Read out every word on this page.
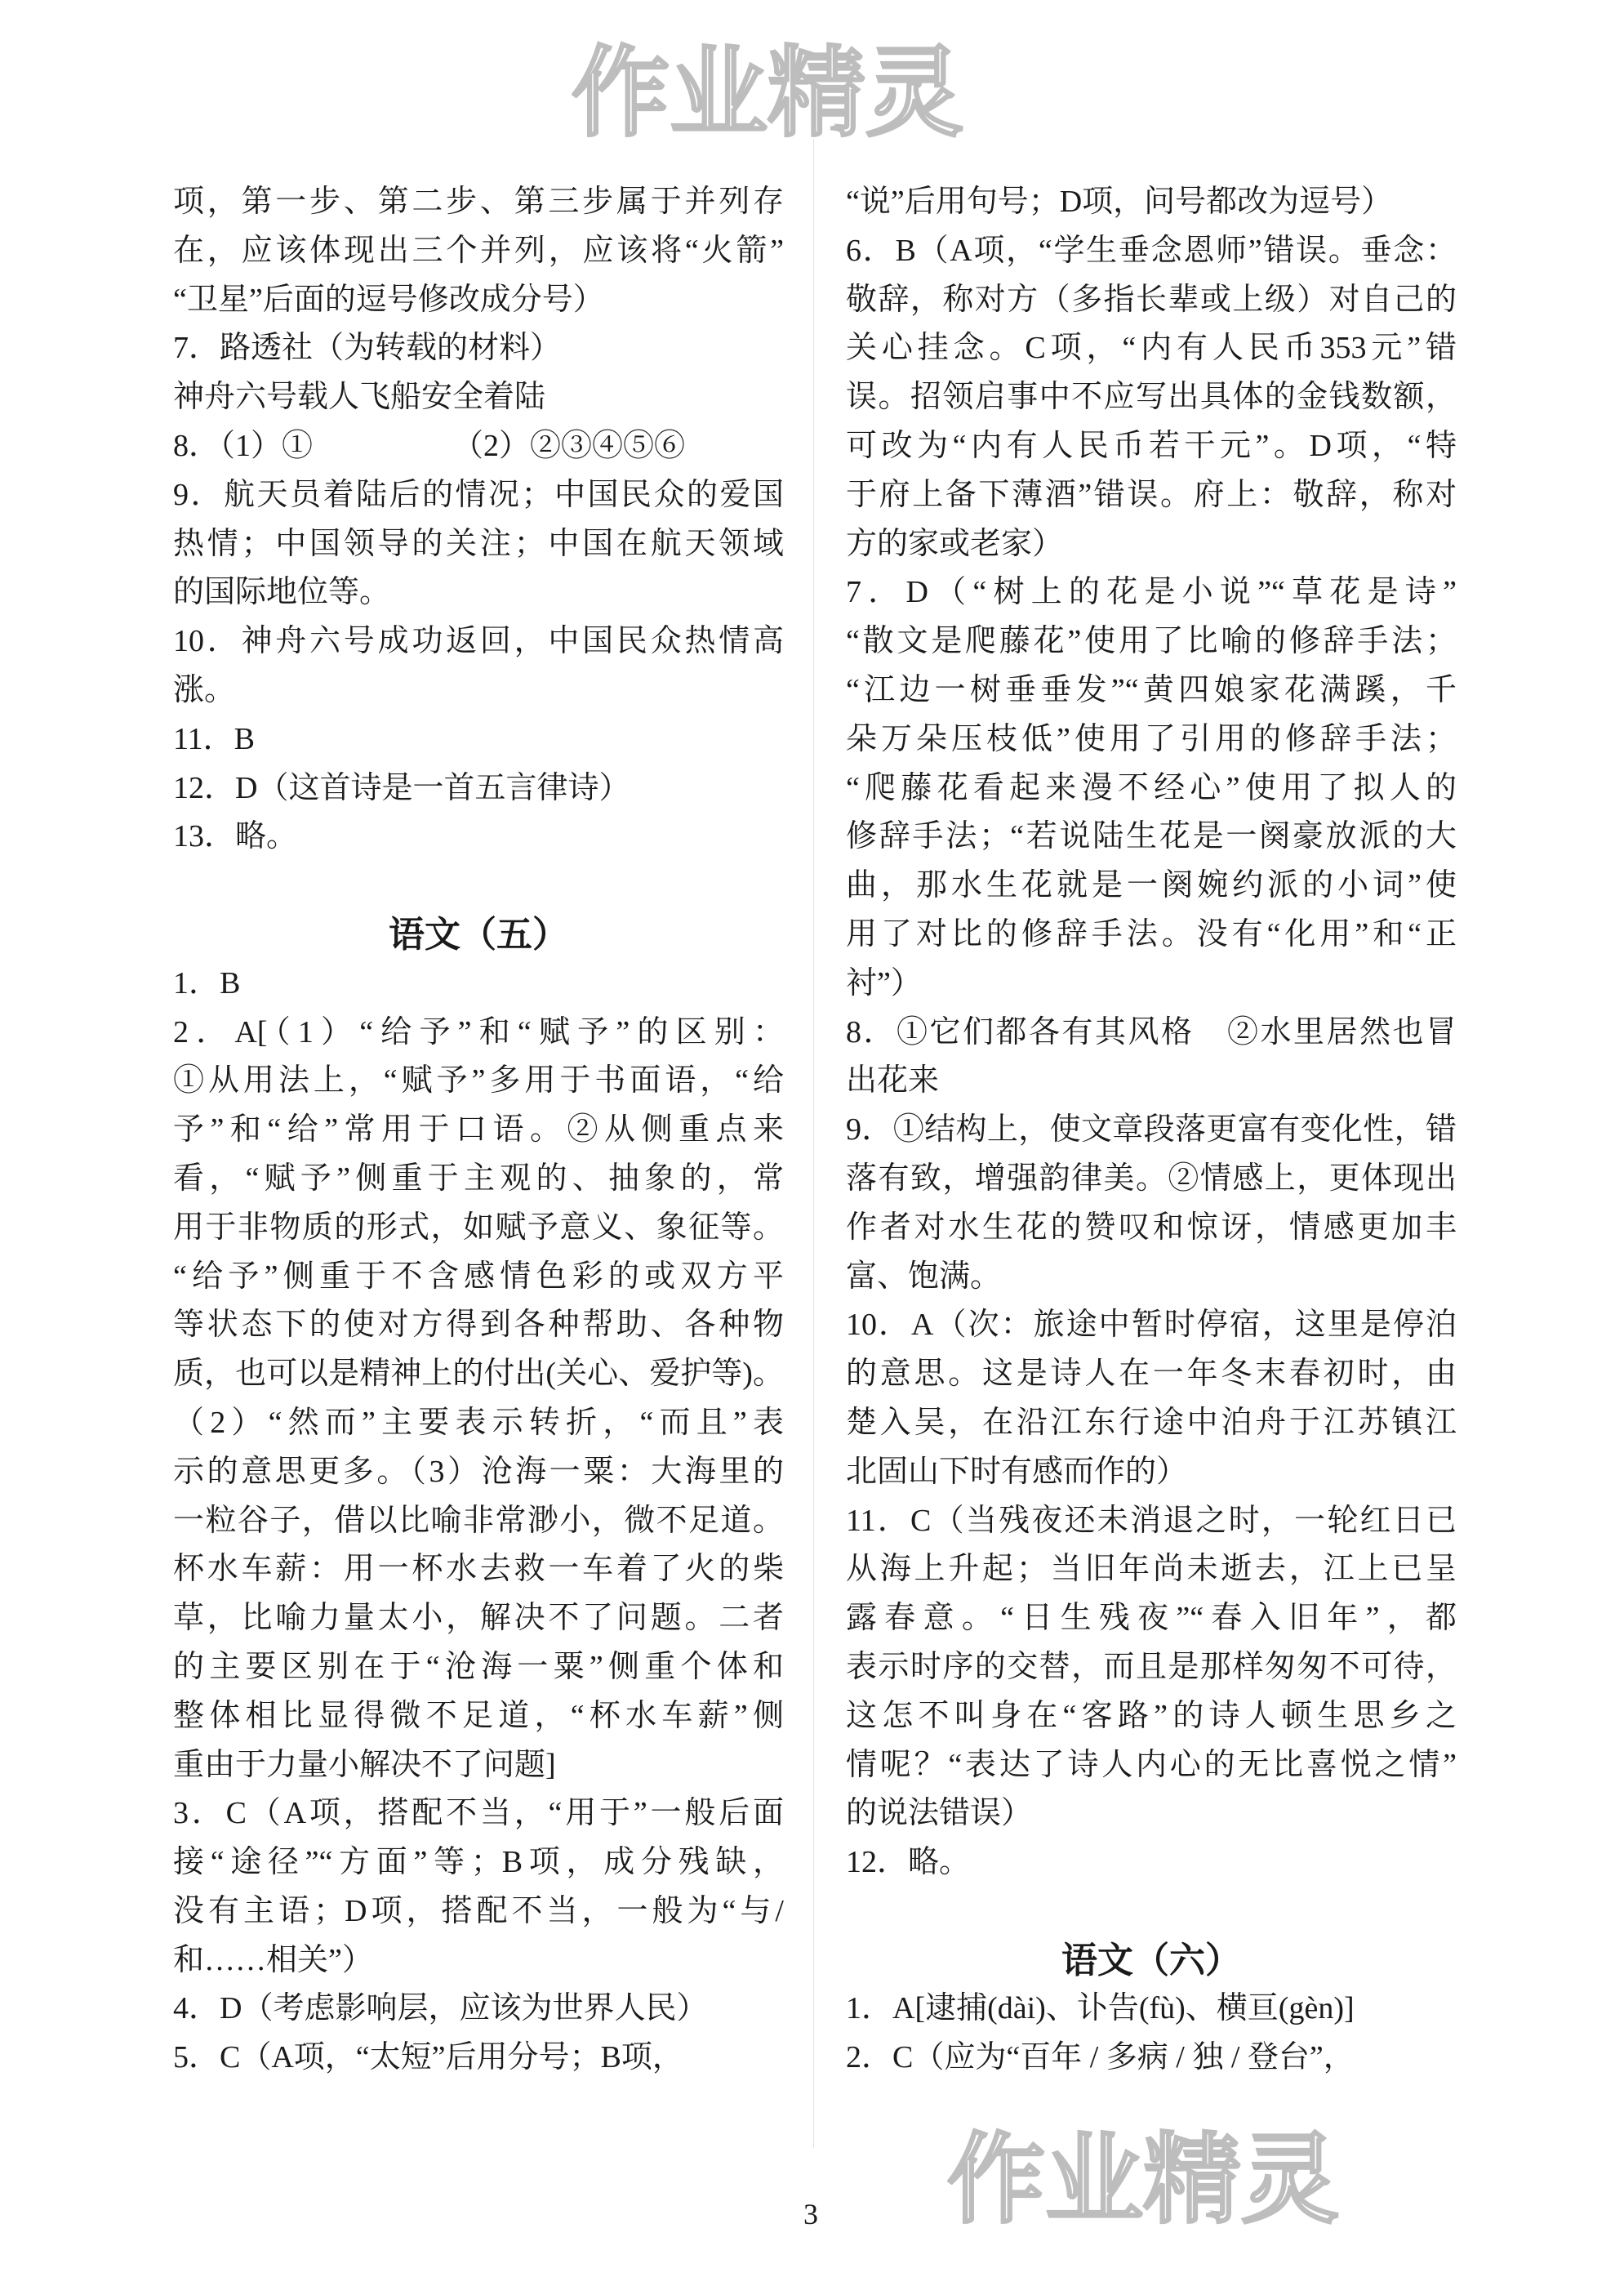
项，第一步、第二步、第三步属于并列存
在，应该体现出三个并列，应该将“火箭”
“卫星”后面的逗号修改成分号）
7．路透社（为转载的材料）
神舟六号载人飞船安全着陆
8．（1）①　　　　　（2）②③④⑤⑥
9．航天员着陆后的情况；中国民众的爱国
热情；中国领导的关注；中国在航天领域
的国际地位等。
10．神舟六号成功返回，中国民众热情高
涨。
11．B
12．D（这首诗是一首五言律诗）
13．略。
语文（五）
1．B
2．A[（1）“给予”和“赋予”的区别：
①从用法上，“赋予”多用于书面语，“给
予”和“给”常用于口语。②从侧重点来
看，“赋予”侧重于主观的、抽象的，常
用于非物质的形式，如赋予意义、象征等。
“给予”侧重于不含感情色彩的或双方平
等状态下的使对方得到各种帮助、各种物
质，也可以是精神上的付出(关心、爱护等)。
（2）“然而”主要表示转折，“而且”表
示的意思更多。（3）沧海一粟：大海里的
一粒谷子，借以比喻非常渺小，微不足道。
杯水车薪：用一杯水去救一车着了火的柴
草，比喻力量太小，解决不了问题。二者
的主要区别在于“沧海一粟”侧重个体和
整体相比显得微不足道，“杯水车薪”侧
重由于力量小解决不了问题]
3．C（A项，搭配不当，“用于”一般后面
接“途径”“方面”等；B项，成分残缺，
没有主语；D项，搭配不当，一般为“与/
和……相关”）
4．D（考虑影响层，应该为世界人民）
5．C（A项，“太短”后用分号；B项，
“说”后用句号；D项，问号都改为逗号）
6．B（A项，“学生垂念恩师”错误。垂念：
敬辞，称对方（多指长辈或上级）对自己的
关心挂念。C项，“内有人民币353元”错
误。招领启事中不应写出具体的金钱数额，
可改为“内有人民币若干元”。D项，“特
于府上备下薄酒”错误。府上：敬辞，称对
方的家或老家）
7．D（“树上的花是小说”“草花是诗”
“散文是爬藤花”使用了比喻的修辞手法；
“江边一树垂垂发”“黄四娘家花满蹊，千
朵万朵压枝低”使用了引用的修辞手法；
“爬藤花看起来漫不经心”使用了拟人的
修辞手法；“若说陆生花是一阕豪放派的大
曲，那水生花就是一阕婉约派的小词”使
用了对比的修辞手法。没有“化用”和“正
衬”）
8．①它们都各有其风格　②水里居然也冒
出花来
9．①结构上，使文章段落更富有变化性，错
落有致，增强韵律美。②情感上，更体现出
作者对水生花的赞叹和惊讶，情感更加丰
富、饱满。
10．A（次：旅途中暂时停宿，这里是停泊
的意思。这是诗人在一年冬末春初时，由
楚入吴，在沿江东行途中泊舟于江苏镇江
北固山下时有感而作的）
11．C（当残夜还未消退之时，一轮红日已
从海上升起；当旧年尚未逝去，江上已呈
露春意。“日生残夜”“春入旧年”，都
表示时序的交替，而且是那样匆匆不可待，
这怎不叫身在“客路”的诗人顿生思乡之
情呢？“表达了诗人内心的无比喜悦之情”
的说法错误）
12．略。
语文（六）
1．A[逮捕(dài)、讣告(fù)、横亘(gèn)]
2．C（应为“百年 / 多病 / 独 / 登台”，
作业精灵
作业精灵
3
